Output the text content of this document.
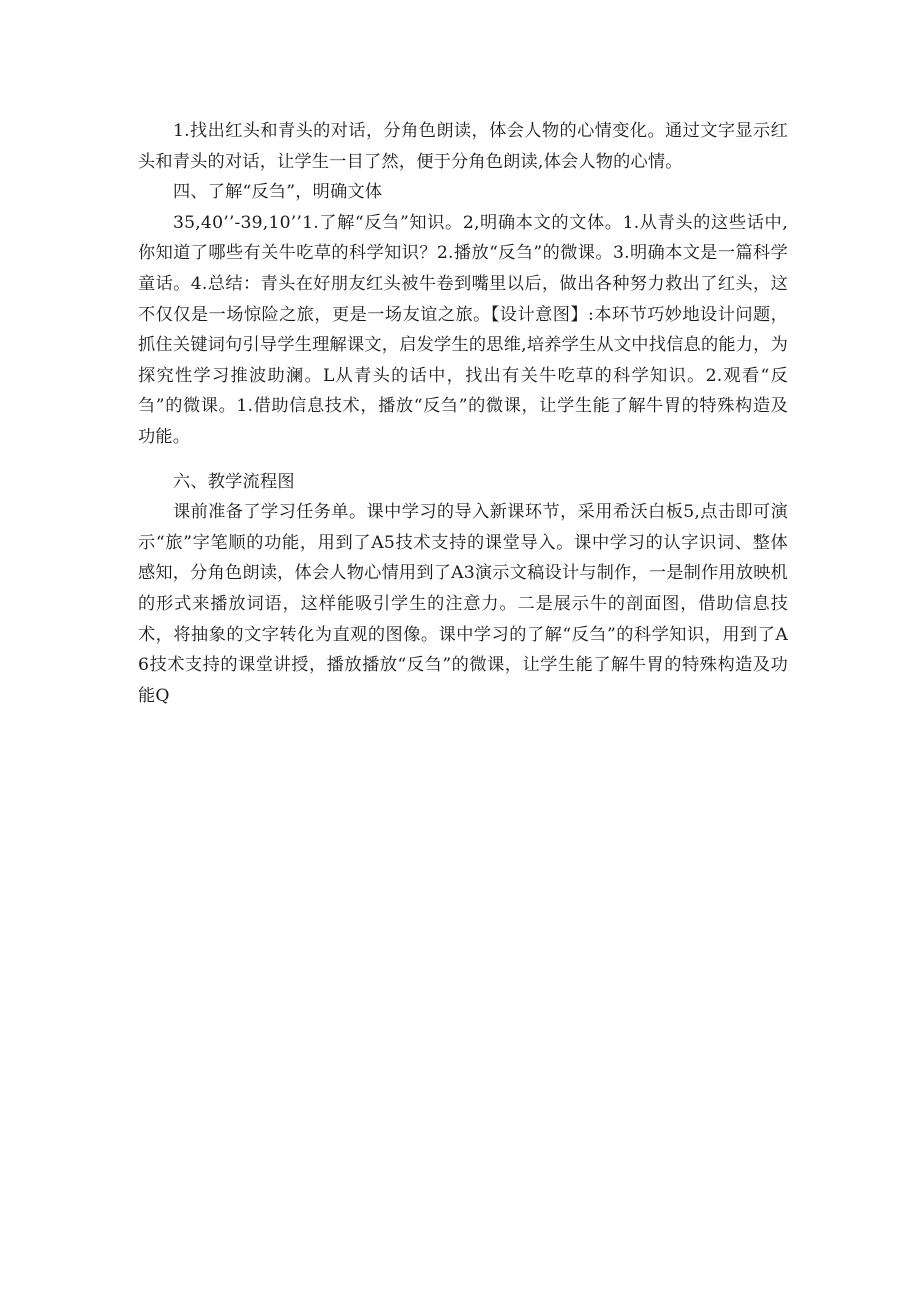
1.找出红头和青头的对话，分角色朗读，体会人物的心情变化。通过文字显示红头和青头的对话，让学生一目了然，便于分角色朗读,体会人物的心情。

四、了解“反刍”，明确文体

35,40’’-39,10’’1.了解“反刍”知识。2,明确本文的文体。1.从青头的这些话中,你知道了哪些有关牛吃草的科学知识？2.播放“反刍”的微课。3.明确本文是一篇科学童话。4.总结：青头在好朋友红头被牛卷到嘴里以后，做出各种努力救出了红头，这不仅仅是一场惊险之旅，更是一场友谊之旅。【设计意图】:本环节巧妙地设计问题，抓住关键词句引导学生理解课文，启发学生的思维,培养学生从文中找信息的能力，为探究性学习推波助澜。L从青头的话中，找出有关牛吃草的科学知识。2.观看“反刍”的微课。1.借助信息技术，播放“反刍”的微课，让学生能了解牛胃的特殊构造及功能。

六、教学流程图

课前准备了学习任务单。课中学习的导入新课环节，采用希沃白板5,点击即可演示“旅”字笔顺的功能，用到了A5技术支持的课堂导入。课中学习的认字识词、整体感知，分角色朗读，体会人物心情用到了A3演示文稿设计与制作，一是制作用放映机的形式来播放词语，这样能吸引学生的注意力。二是展示牛的剖面图，借助信息技术，将抽象的文字转化为直观的图像。课中学习的了解“反刍”的科学知识，用到了A6技术支持的课堂讲授，播放播放“反刍”的微课，让学生能了解牛胃的特殊构造及功能Q
